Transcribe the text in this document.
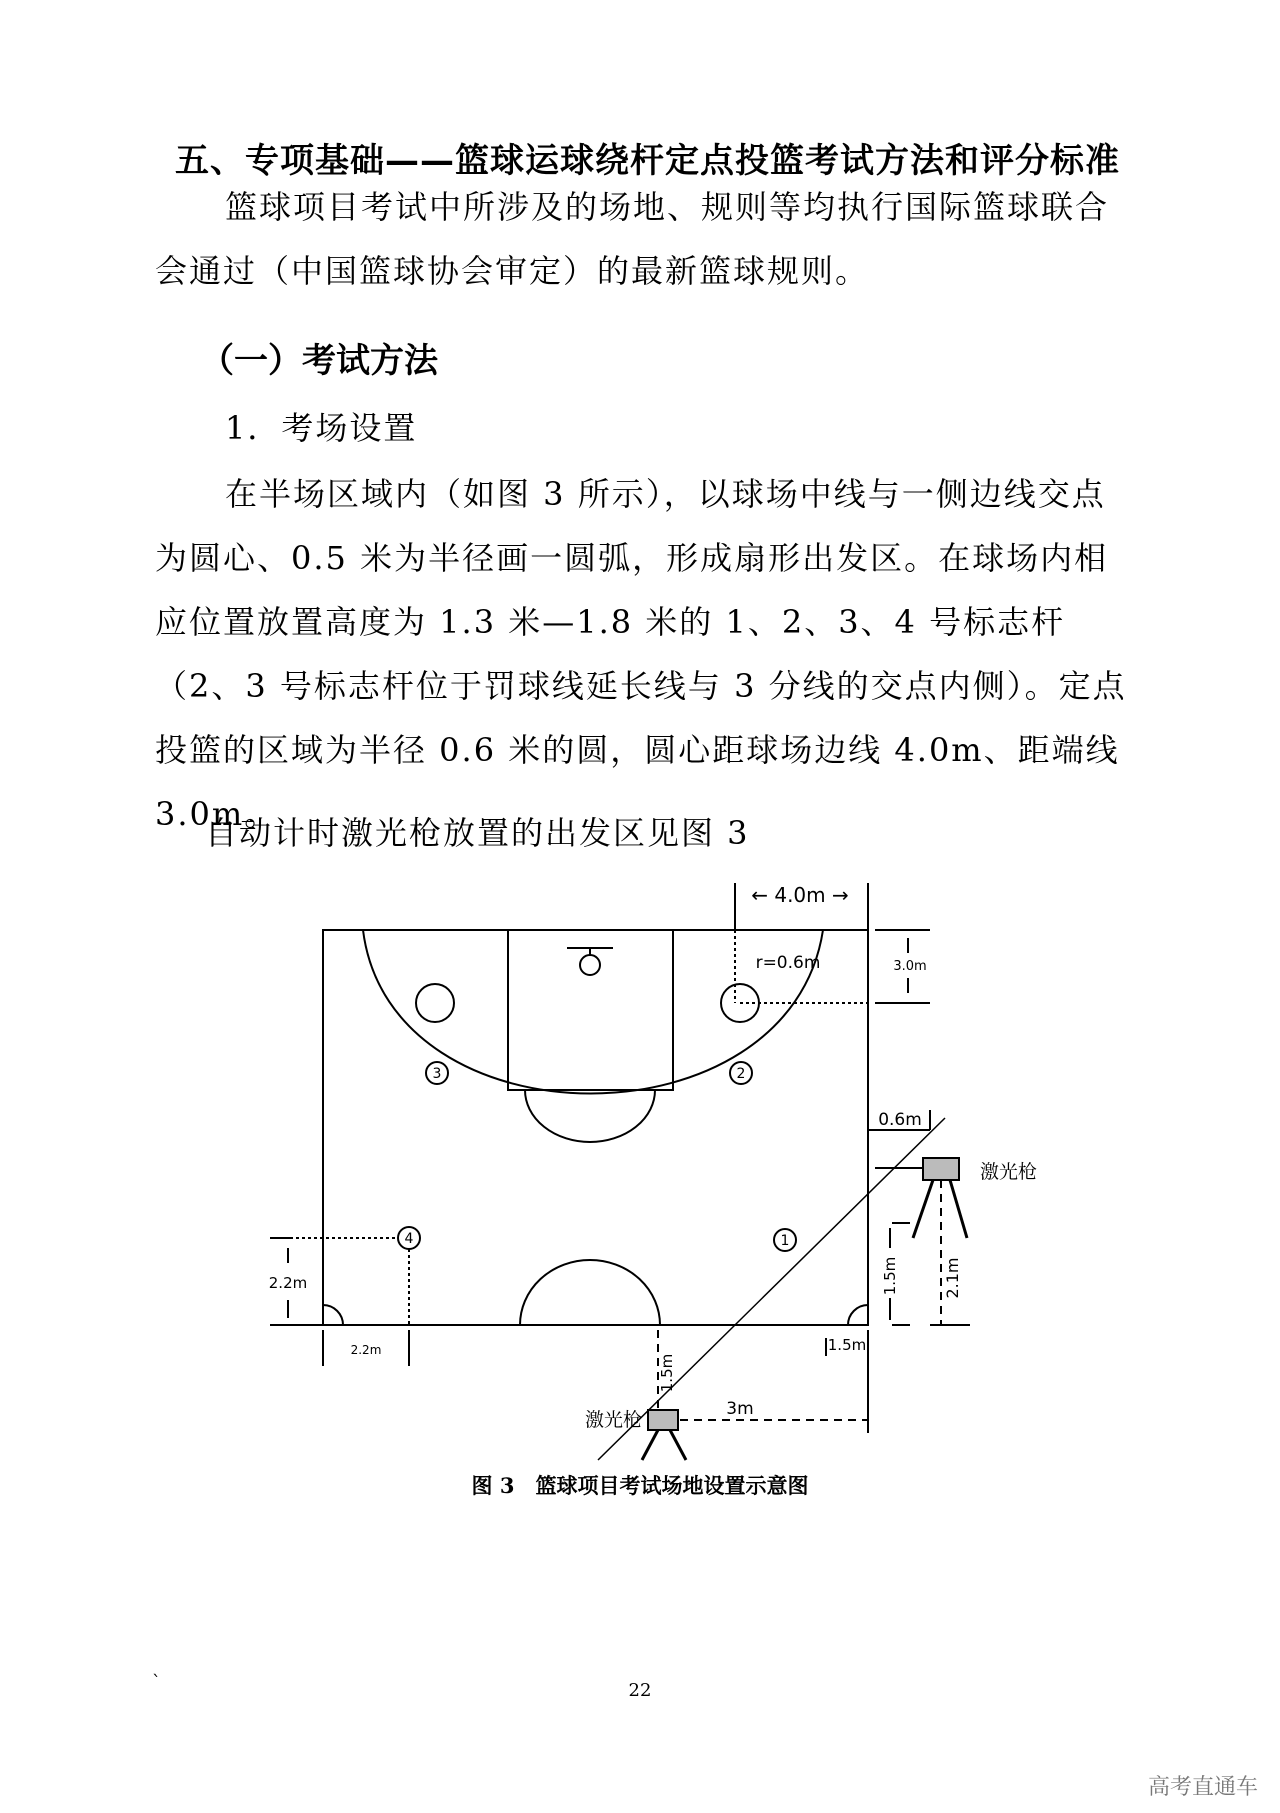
五、专项基础——篮球运球绕杆定点投篮考试方法和评分标准
篮球项目考试中所涉及的场地、规则等均执行国际篮球联合会通过（中国篮球协会审定）的最新篮球规则。
（一）考试方法
1．考场设置
在半场区域内（如图 3 所示），以球场中线与一侧边线交点为圆心、0.5 米为半径画一圆弧，形成扇形出发区。在球场内相应位置放置高度为 1.3 米—1.8 米的 1、2、3、4 号标志杆（2、3 号标志杆位于罚球线延长线与 3 分线的交点内侧）。定点投篮的区域为半径 0.6 米的圆，圆心距球场边线 4.0m、距端线 3.0m。
自动计时激光枪放置的出发区见图 3
3	2
4	1
← 4.0m →
r=0.6m	3.0m
0.6m
激光枪
2.1m
1.5m
1.5m
1.5m
激光枪	3m
2.2m
2.2m
图 3　篮球项目考试场地设置示意图
`	22
高考直通车
